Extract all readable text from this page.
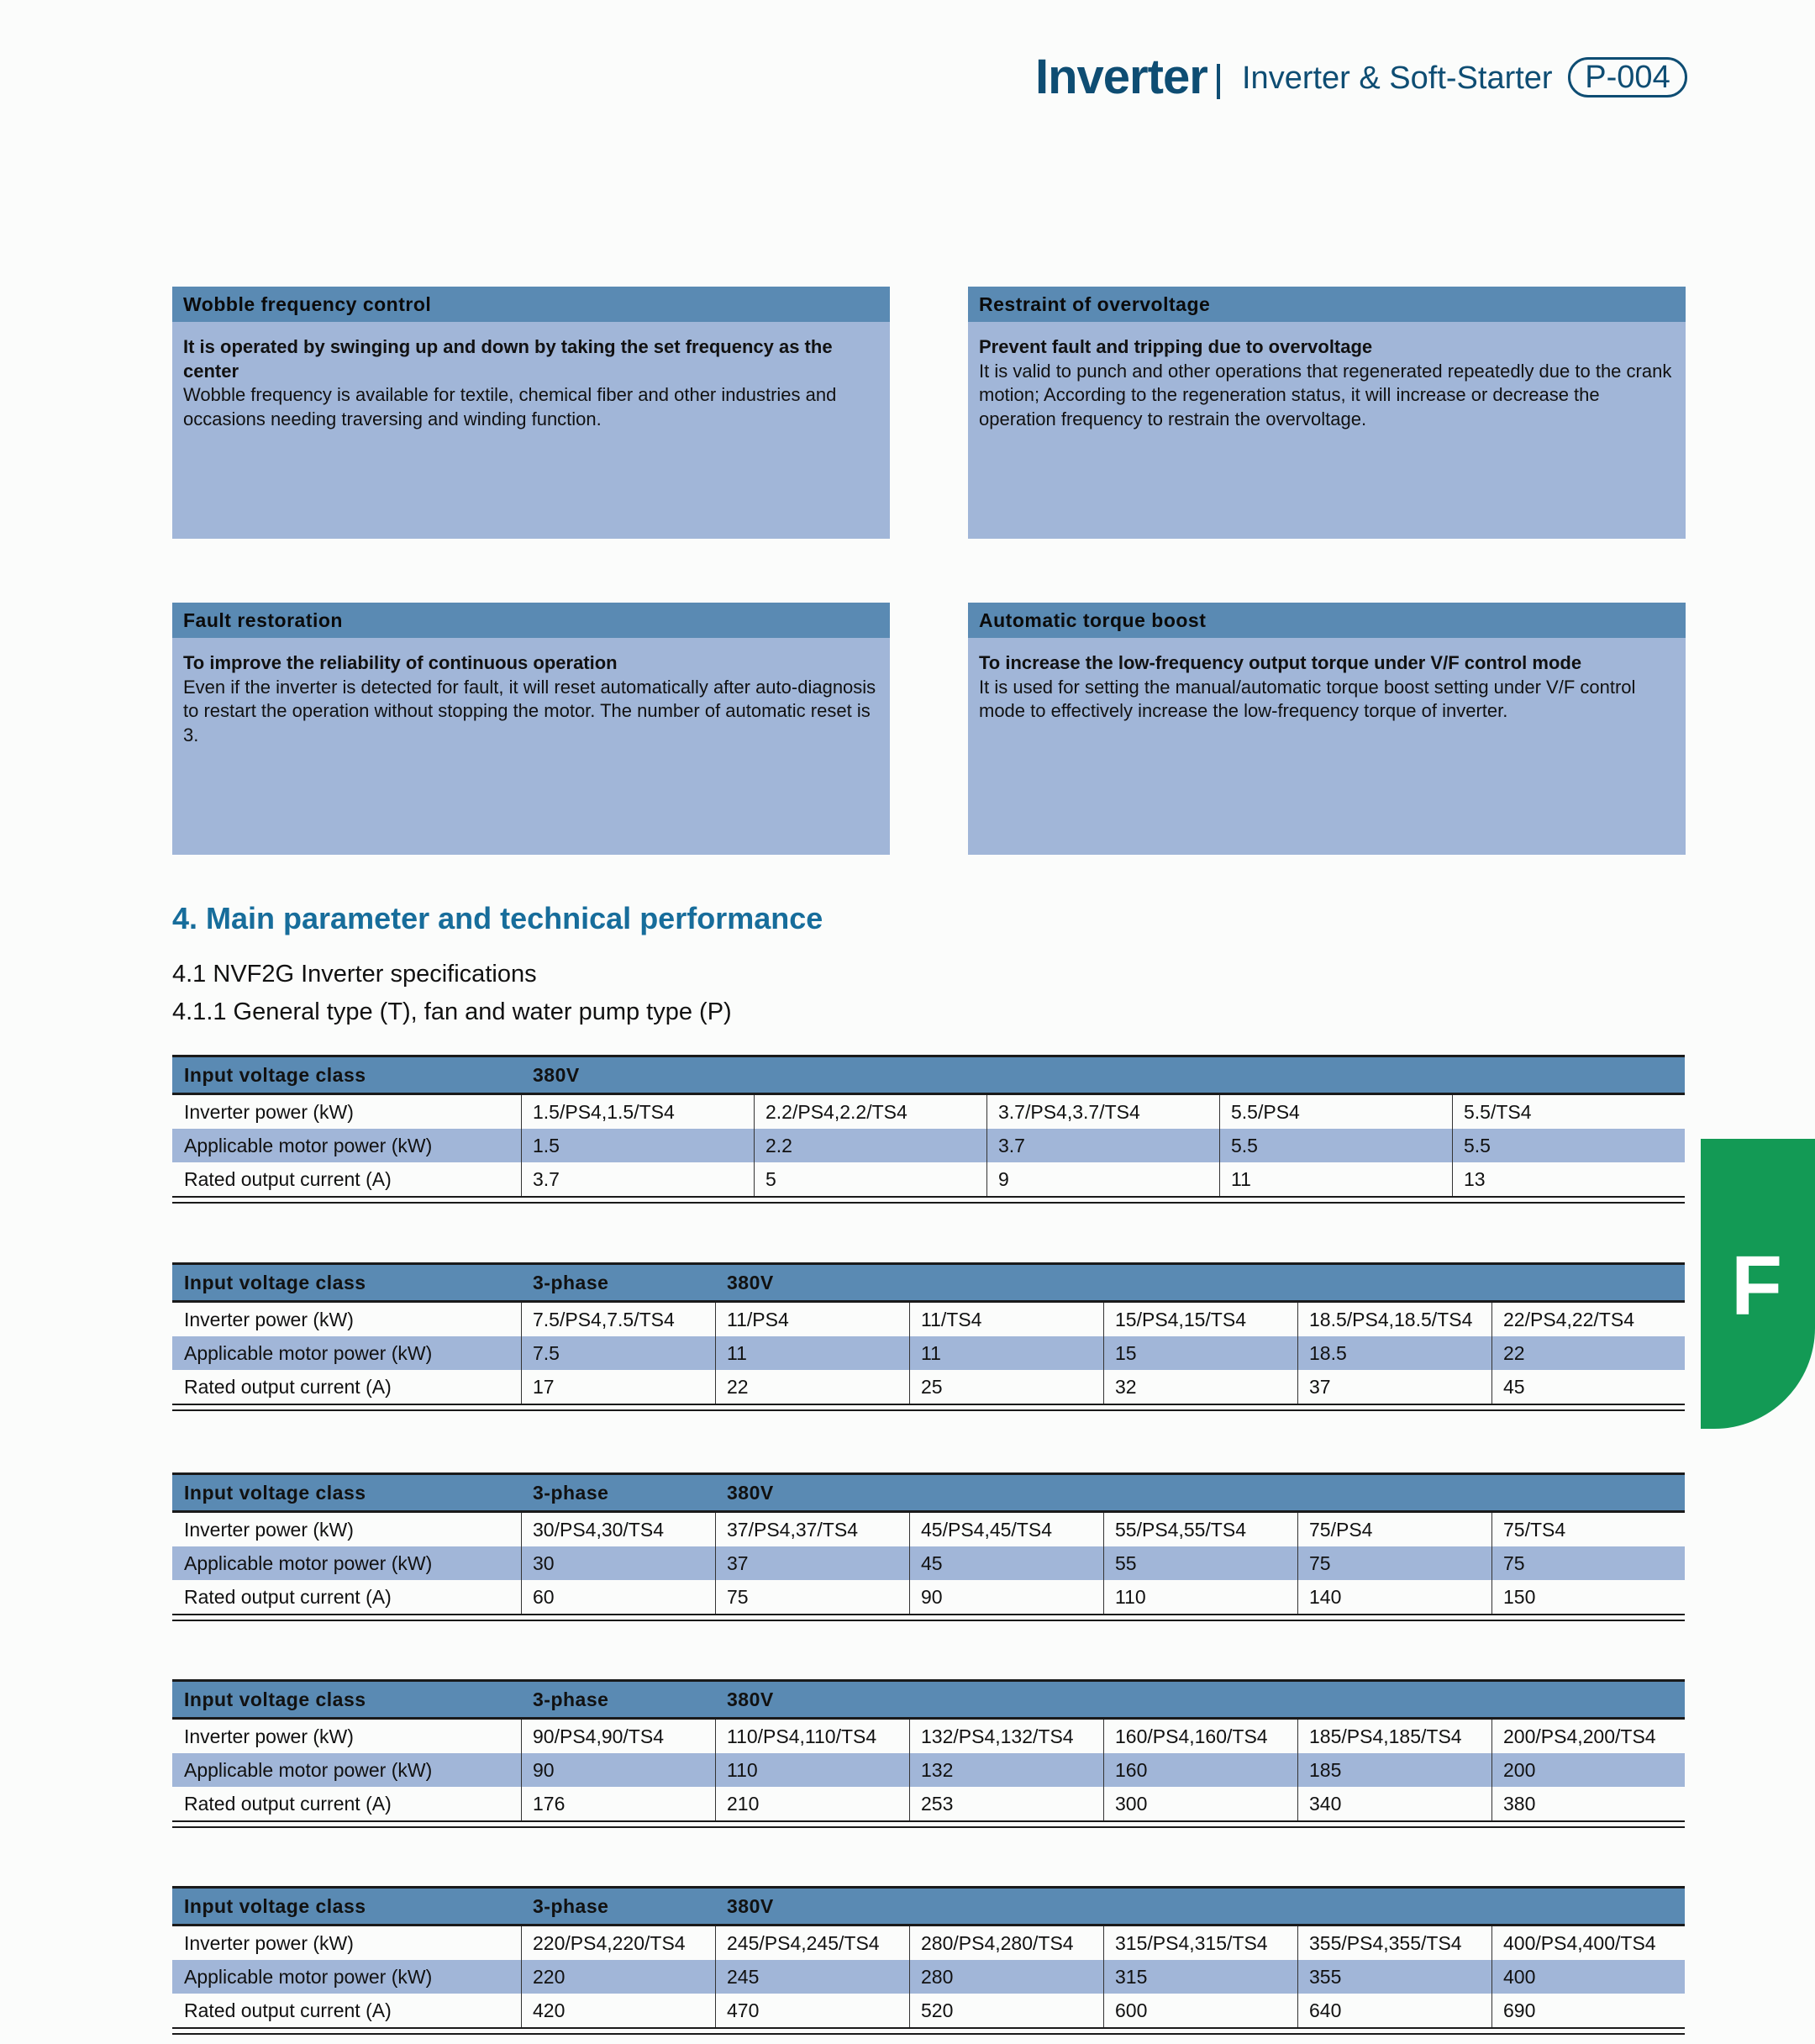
Inverter Inverter & Soft-Starter	P-004
Wobble frequency control
It is operated by swinging up and down by taking the set frequency as the center
Wobble frequency is available for textile, chemical fiber and other industries and occasions needing traversing and winding function.
Restraint of overvoltage
Prevent fault and tripping due to overvoltage
It is valid to punch and other operations that regenerated repeatedly due to the crank motion; According to the regeneration status, it will increase or decrease the operation frequency to restrain the overvoltage.
Fault restoration
To improve the reliability of continuous operation
Even if the inverter is detected for fault, it will reset automatically after auto-diagnosis to restart the operation without stopping the motor. The number of automatic reset is 3.
Automatic torque boost
To increase the low-frequency output torque under V/F control mode
It is used for setting the manual/automatic torque boost setting under V/F control mode to effectively increase the low-frequency torque of inverter.
4. Main parameter and technical performance
4.1 NVF2G Inverter specifications
4.1.1 General type (T), fan and water pump type (P)
Input voltage class	380V
Inverter power (kW)	1.5/PS4,1.5/TS4	2.2/PS4,2.2/TS4	3.7/PS4,3.7/TS4	5.5/PS4	5.5/TS4
Applicable motor power (kW)	1.5	2.2	3.7	5.5	5.5
Rated output current (A)	3.7	5	9	11	13
Input voltage class	3-phase	380V
Inverter power (kW)	7.5/PS4,7.5/TS4	11/PS4	11/TS4	15/PS4,15/TS4	18.5/PS4,18.5/TS4 22/PS4,22/TS4
Applicable motor power (kW)	7.5	11	11	15	18.5	22
Rated output current (A)	17	22	25	32	37	45
Input voltage class	3-phase	380V
Inverter power (kW)	30/PS4,30/TS4	37/PS4,37/TS4	45/PS4,45/TS4	55/PS4,55/TS4	75/PS4	75/TS4
Applicable motor power (kW)	30	37	45	55	75	75
Rated output current (A)	60	75	90	110	140	150
Input voltage class	3-phase	380V
Inverter power (kW)	90/PS4,90/TS4	110/PS4,110/TS4 132/PS4,132/TS4 160/PS4,160/TS4 185/PS4,185/TS4 200/PS4,200/TS4
Applicable motor power (kW)	90	110	132	160	185	200
Rated output current (A)	176	210	253	300	340	380
Input voltage class	3-phase	380V
Inverter power (kW)	220/PS4,220/TS4 245/PS4,245/TS4 280/PS4,280/TS4 315/PS4,315/TS4 355/PS4,355/TS4 400/PS4,400/TS4
Applicable motor power (kW)	220	245	280	315	355	400
Rated output current (A)	420	470	520	600	640	690
F
